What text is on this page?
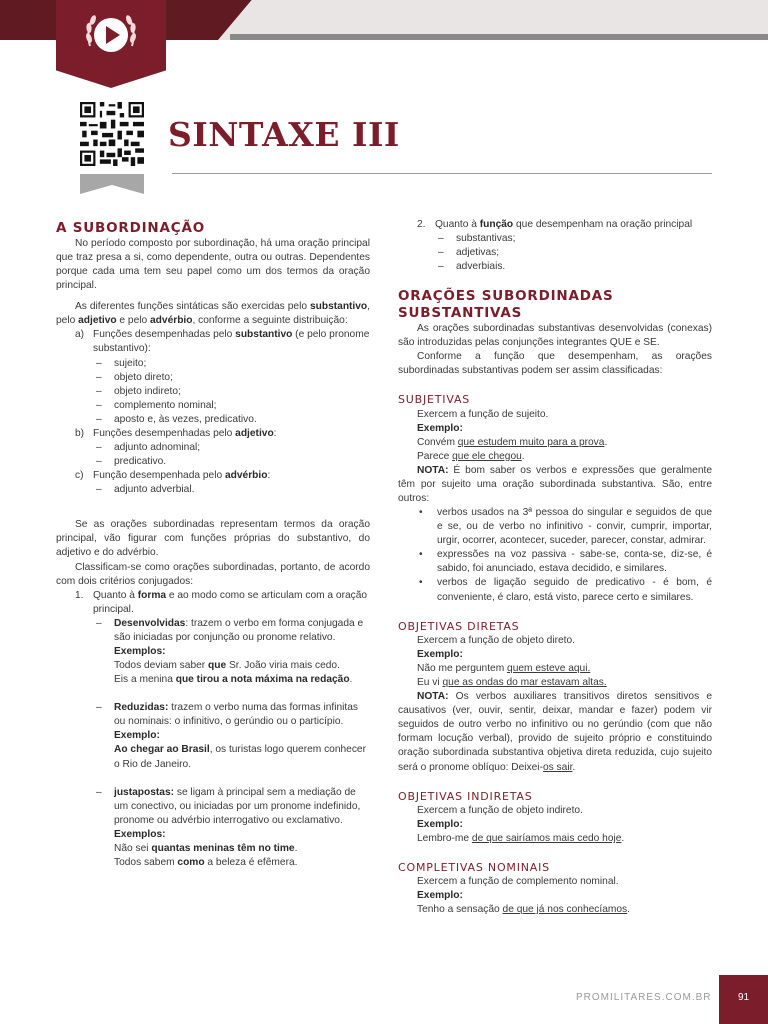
SINTAXE III
A SUBORDINAÇÃO

No período composto por subordinação, há uma oração principal que traz presa a si, como dependente, outra ou outras. Dependentes porque cada uma tem seu papel como um dos termos da oração principal.

As diferentes funções sintáticas são exercidas pelo substantivo, pelo adjetivo e pelo advérbio, conforme a seguinte distribuição:

a) Funções desempenhadas pelo substantivo (e pelo pronome substantivo):
– sujeito;
– objeto direto;
– objeto indireto;
– complemento nominal;
– aposto e, às vezes, predicativo.
b) Funções desempenhadas pelo adjetivo:
– adjunto adnominal;
– predicativo.
c) Função desempenhada pelo advérbio:
– adjunto adverbial.

Se as orações subordinadas representam termos da oração principal, vão figurar com funções próprias do substantivo, do adjetivo e do advérbio.

Classificam-se como orações subordinadas, portanto, de acordo com dois critérios conjugados:

1. Quanto à forma e ao modo como se articulam com a oração principal.
– Desenvolvidas: trazem o verbo em forma conjugada e são iniciadas por conjunção ou pronome relativo.
Exemplos:
Todos deviam saber que Sr. João viria mais cedo.
Eis a menina que tirou a nota máxima na redação.
– Reduzidas: trazem o verbo numa das formas infinitas ou nominais: o infinitivo, o gerúndio ou o particípio.
Exemplo:
Ao chegar ao Brasil, os turistas logo querem conhecer o Rio de Janeiro.
– justapostas: se ligam à principal sem a mediação de um conectivo, ou iniciadas por um pronome indefinido, pronome ou advérbio interrogativo ou exclamativo.
Exemplos:
Não sei quantas meninas têm no time.
Todos sabem como a beleza é efêmera.
2. Quanto à função que desempenham na oração principal
– substantivas;
– adjetivas;
– adverbiais.
ORAÇÕES SUBORDINADAS SUBSTANTIVAS

As orações subordinadas substantivas desenvolvidas (conexas) são introduzidas pelas conjunções integrantes QUE e SE.

Conforme a função que desempenham, as orações subordinadas substantivas podem ser assim classificadas:

SUBJETIVAS
Exercem a função de sujeito.
Exemplo:
Convém que estudem muito para a prova.
Parece que ele chegou.

NOTA: É bom saber os verbos e expressões que geralmente têm por sujeito uma oração subordinada substantiva. São, entre outros:

• verbos usados na 3ª pessoa do singular e seguidos de que e se, ou de verbo no infinitivo - convir, cumprir, importar, urgir, ocorrer, acontecer, suceder, parecer, constar, admirar.
• expressões na voz passiva - sabe-se, conta-se, diz-se, é sabido, foi anunciado, estava decidido, e similares.
• verbos de ligação seguido de predicativo - é bom, é conveniente, é claro, está visto, parece certo e similares.
OBJETIVAS DIRETAS
Exercem a função de objeto direto.
Exemplo:
Não me perguntem quem esteve aqui.
Eu vi que as ondas do mar estavam altas.

NOTA: Os verbos auxiliares transitivos diretos sensitivos e causativos (ver, ouvir, sentir, deixar, mandar e fazer) podem vir seguidos de outro verbo no infinitivo ou no gerúndio (com que não formam locução verbal), provido de sujeito próprio e constituindo oração subordinada substantiva objetiva direta reduzida, cujo sujeito será o pronome oblíquo: Deixei-os sair.

OBJETIVAS INDIRETAS
Exercem a função de objeto indireto.
Exemplo:
Lembro-me de que sairíamos mais cedo hoje.
COMPLETIVAS NOMINAIS
Exercem a função de complemento nominal.
Exemplo:
Tenho a sensação de que já nos conhecíamos.
PROMILITARES.COM.BR	91
